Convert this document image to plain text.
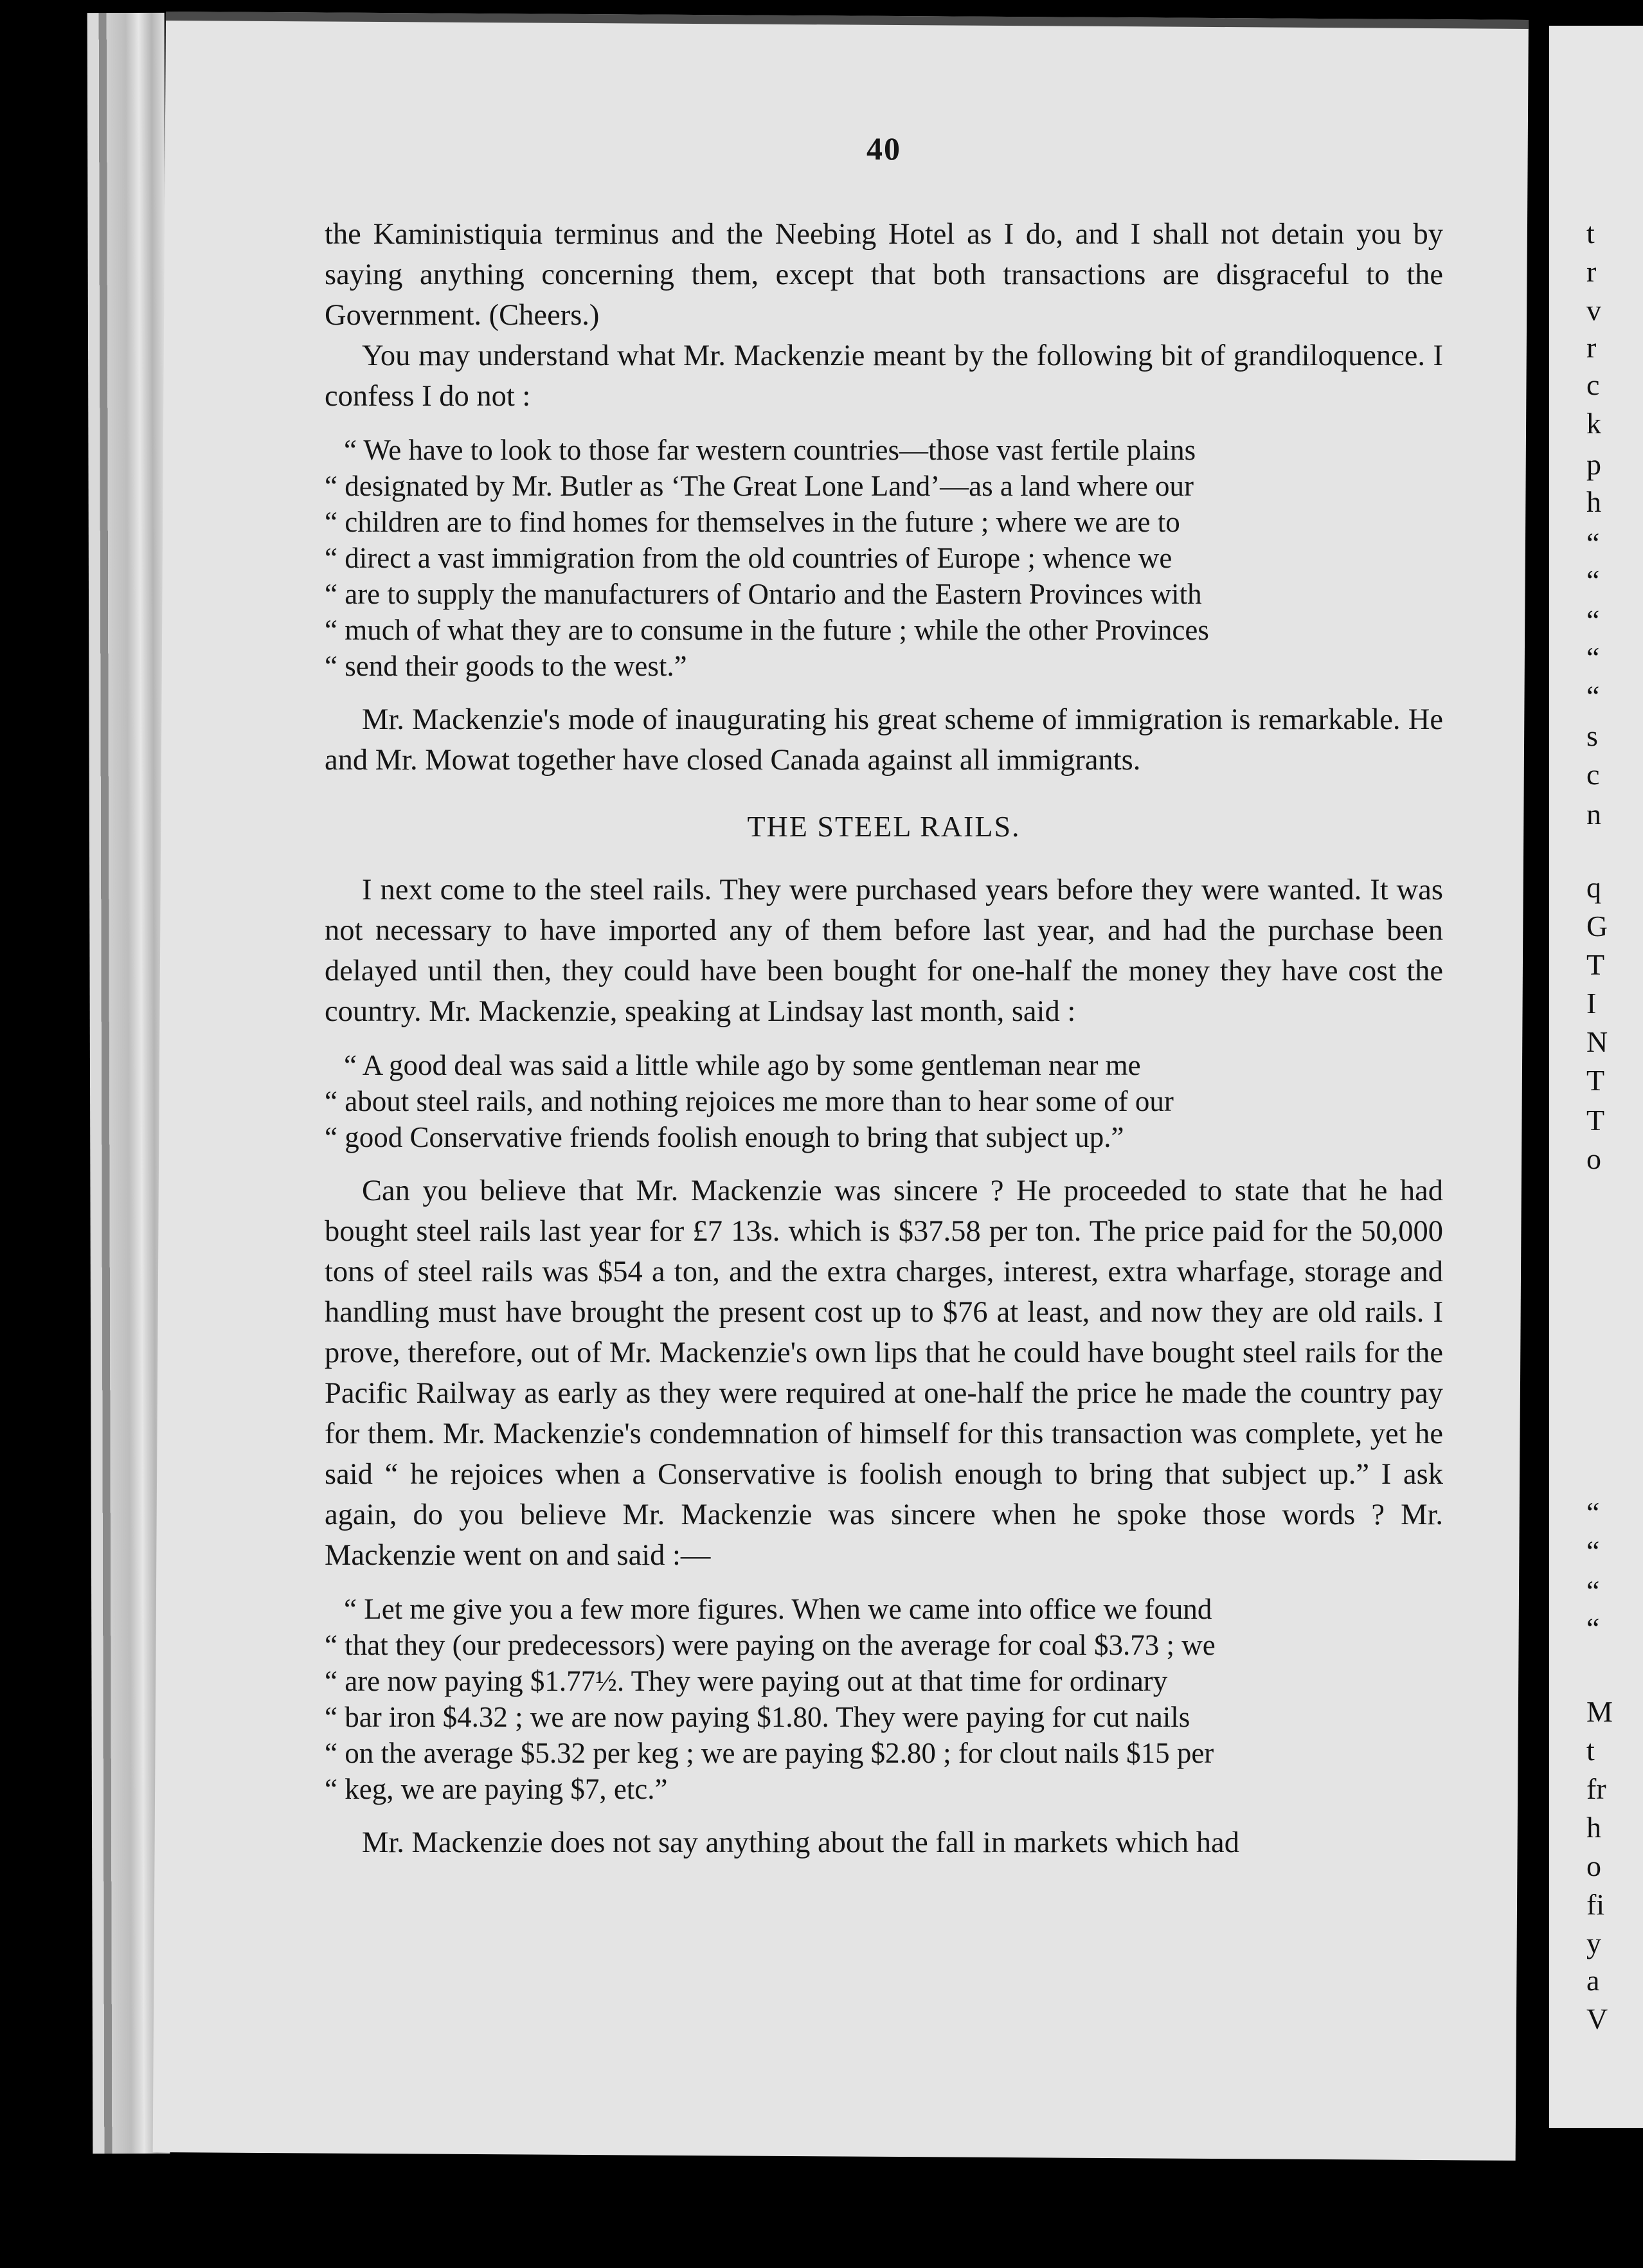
t
r
v
r
c
k
p
h
“
“
“
“
“
s
c
n
q
G
T
I
N
T
T
o
“
“
“
“
M
t
fr
h
o
fi
y
a
V
40

the Kaministiquia terminus and the Neebing Hotel as I do, and I shall not detain you by saying anything concerning them, except that both transactions are disgraceful to the Government. (Cheers.)

You may understand what Mr. Mackenzie meant by the following bit of grandiloquence. I confess I do not :

“ We have to look to those far western countries—those vast fertile plains
“ designated by Mr. Butler as ‘The Great Lone Land’—as a land where our
“ children are to find homes for themselves in the future ; where we are to
“ direct a vast immigration from the old countries of Europe ; whence we
“ are to supply the manufacturers of Ontario and the Eastern Provinces with
“ much of what they are to consume in the future ; while the other Provinces
“ send their goods to the west.”

Mr. Mackenzie's mode of inaugurating his great scheme of immigration is remarkable. He and Mr. Mowat together have closed Canada against all immigrants.

THE STEEL RAILS.

I next come to the steel rails. They were purchased years before they were wanted. It was not necessary to have imported any of them before last year, and had the purchase been delayed until then, they could have been bought for one-half the money they have cost the country. Mr. Mackenzie, speaking at Lindsay last month, said :

“ A good deal was said a little while ago by some gentleman near me
“ about steel rails, and nothing rejoices me more than to hear some of our
“ good Conservative friends foolish enough to bring that subject up.”

Can you believe that Mr. Mackenzie was sincere ? He proceeded to state that he had bought steel rails last year for £7 13s. which is $37.58 per ton. The price paid for the 50,000 tons of steel rails was $54 a ton, and the extra charges, interest, extra wharfage, storage and handling must have brought the present cost up to $76 at least, and now they are old rails. I prove, therefore, out of Mr. Mackenzie's own lips that he could have bought steel rails for the Pacific Railway as early as they were required at one-half the price he made the country pay for them. Mr. Mackenzie's condemnation of himself for this transaction was complete, yet he said “ he rejoices when a Conservative is foolish enough to bring that subject up.” I ask again, do you believe Mr. Mackenzie was sincere when he spoke those words ? Mr. Mackenzie went on and said :—

“ Let me give you a few more figures. When we came into office we found
“ that they (our predecessors) were paying on the average for coal $3.73 ; we
“ are now paying $1.77½. They were paying out at that time for ordinary
“ bar iron $4.32 ; we are now paying $1.80. They were paying for cut nails
“ on the average $5.32 per keg ; we are paying $2.80 ; for clout nails $15 per
“ keg, we are paying $7, etc.”

Mr. Mackenzie does not say anything about the fall in markets which had
